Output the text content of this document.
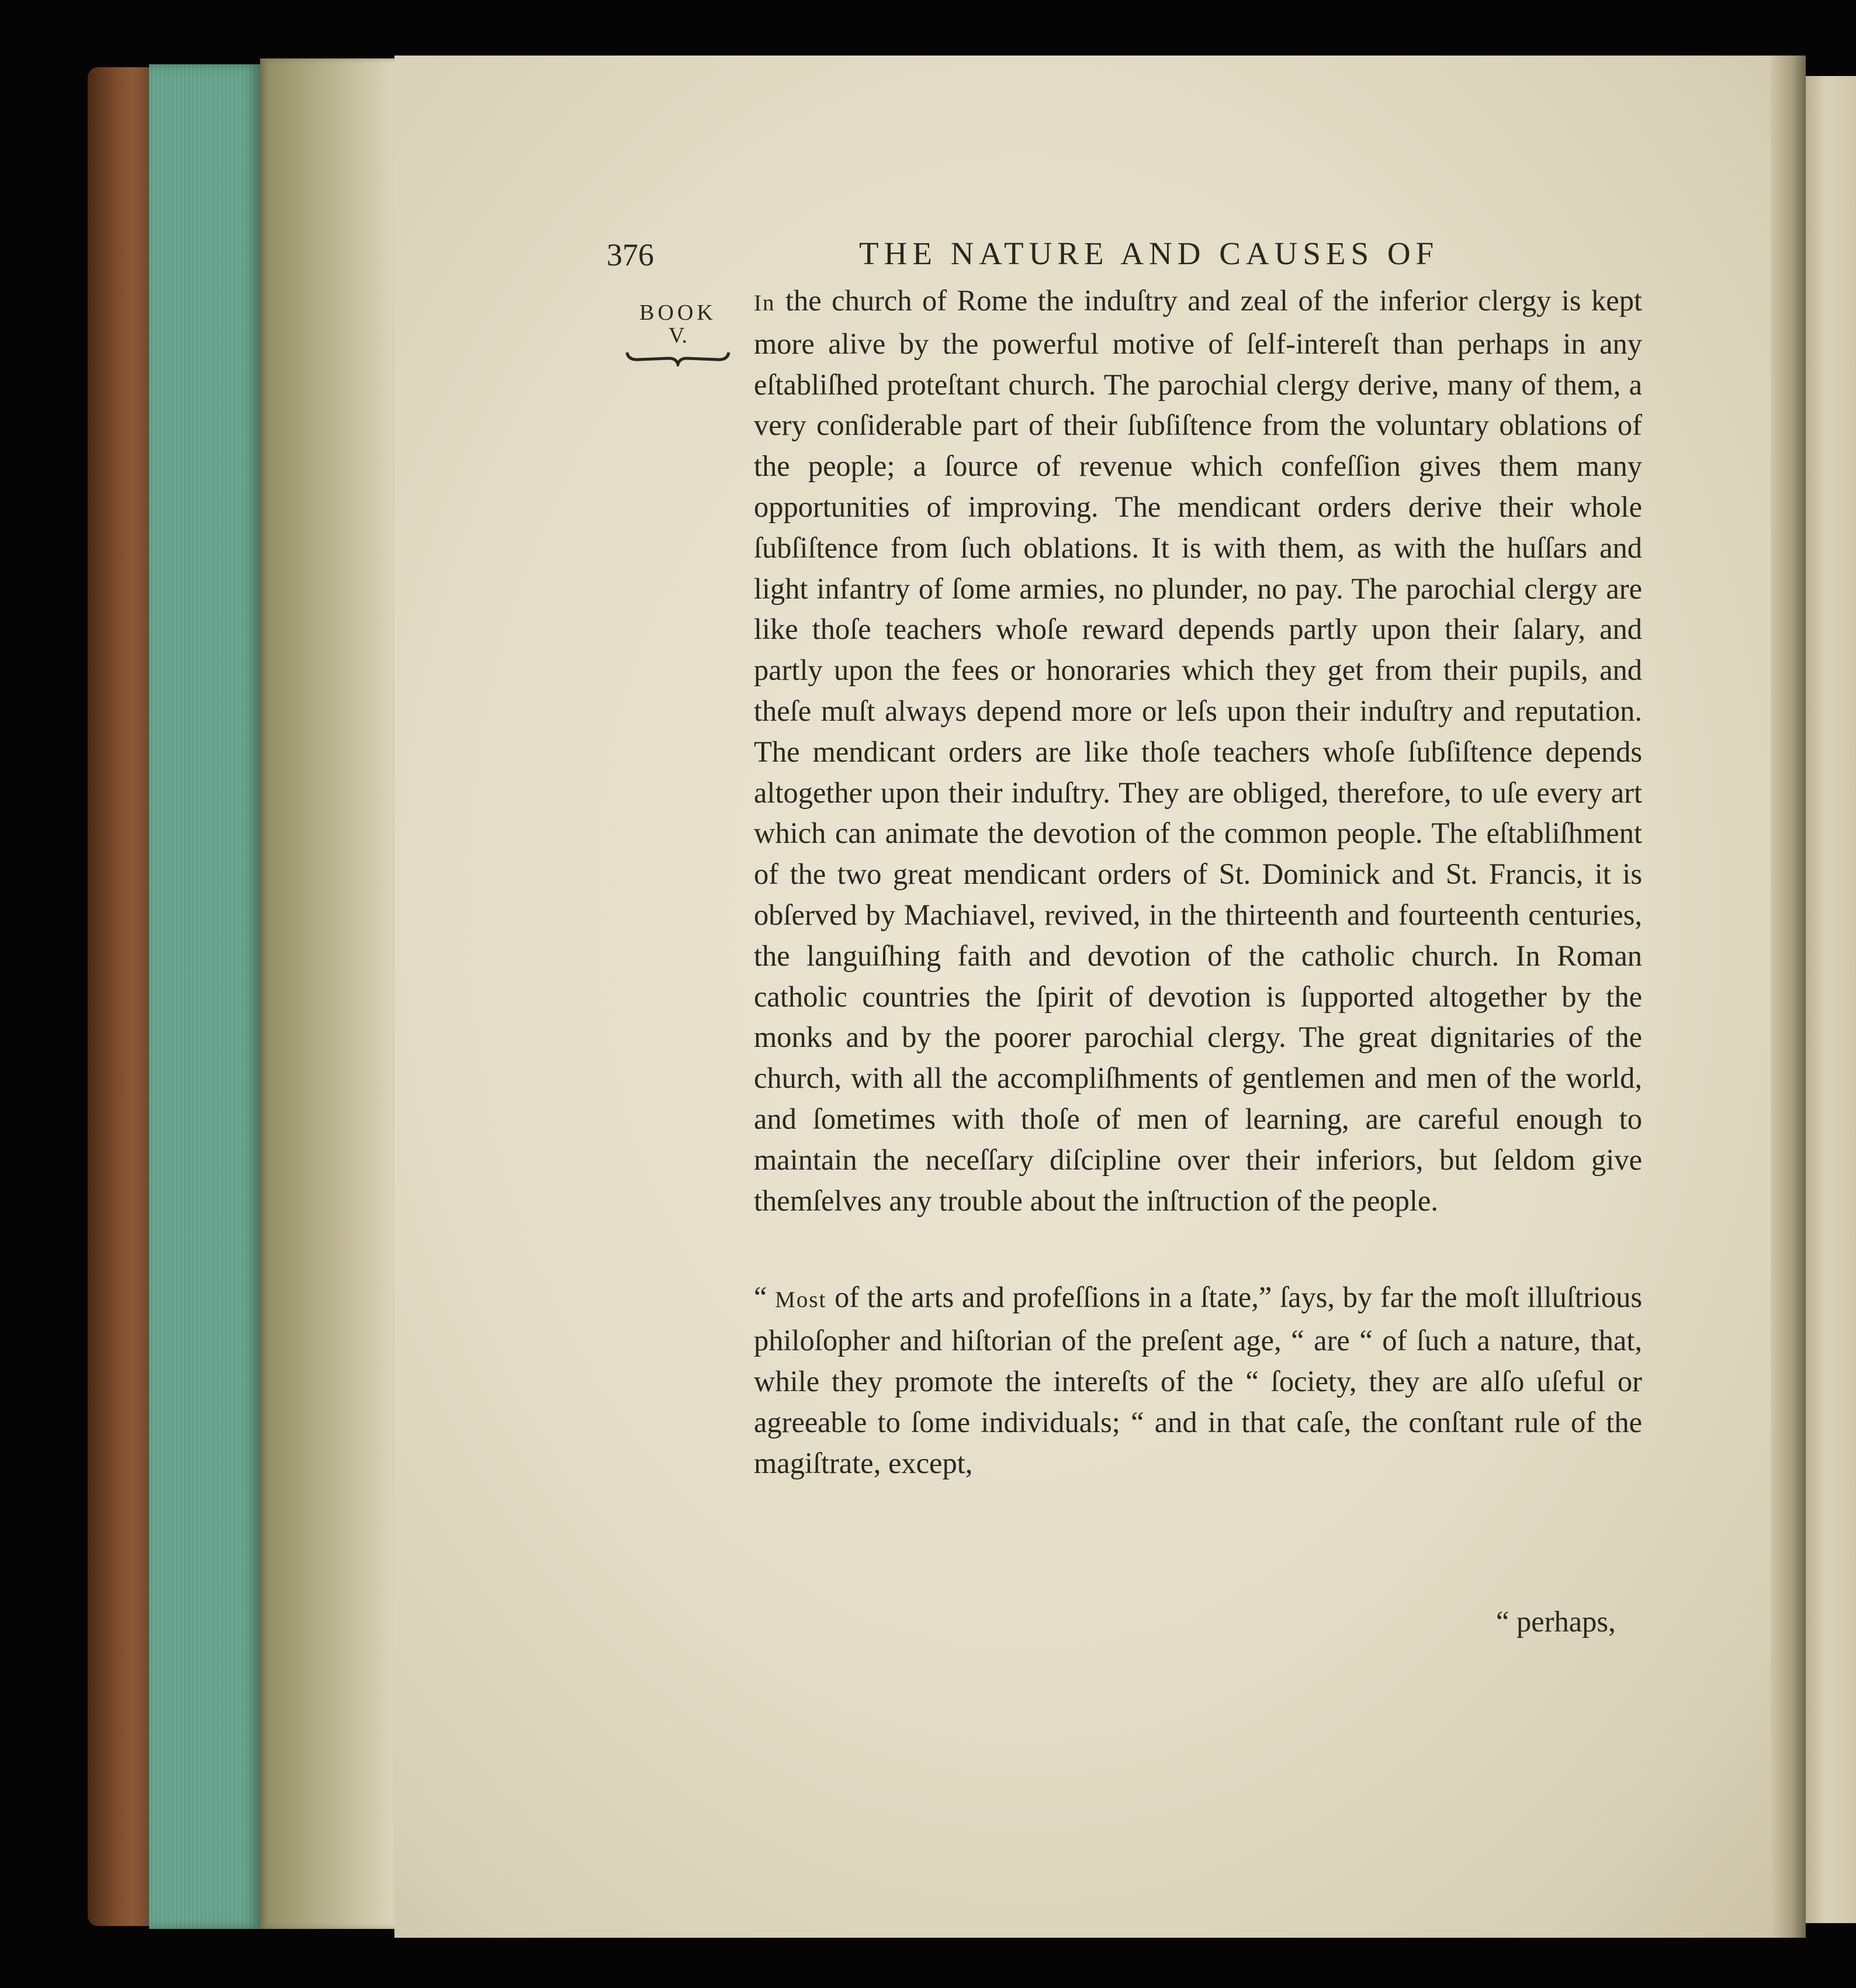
376	THE NATURE AND CAUSES OF
BOOK
V.

In the church of Rome the induſtry and zeal of the inferior clergy is kept more alive by the powerful motive of ſelf-intereſt than perhaps in any eſtabliſhed proteſtant church. The parochial clergy derive, many of them, a very conſiderable part of their ſubſiſtence from the voluntary oblations of the people; a ſource of revenue which confeſſion gives them many opportunities of improving. The mendicant orders derive their whole ſubſiſtence from ſuch oblations. It is with them, as with the huſſars and light infantry of ſome armies, no plunder, no pay. The parochial clergy are like thoſe teachers whoſe reward depends partly upon their ſalary, and partly upon the fees or honoraries which they get from their pupils, and theſe muſt always depend more or leſs upon their induſtry and reputation. The mendicant orders are like thoſe teachers whoſe ſubſiſtence depends altogether upon their induſtry. They are obliged, therefore, to uſe every art which can animate the devotion of the common people. The eſtabliſhment of the two great mendicant orders of St. Dominick and St. Francis, it is obſerved by Machiavel, revived, in the thirteenth and fourteenth centuries, the languiſhing faith and devotion of the catholic church. In Roman catholic countries the ſpirit of devotion is ſupported altogether by the monks and by the poorer parochial clergy. The great dignitaries of the church, with all the accompliſhments of gentlemen and men of the world, and ſometimes with thoſe of men of learning, are careful enough to maintain the neceſſary diſcipline over their inferiors, but ſeldom give themſelves any trouble about the inſtruction of the people.

“ Most of the arts and profeſſions in a ſtate,” ſays, by far the moſt illuſtrious philoſopher and hiſtorian of the preſent age, “ are “ of ſuch a nature, that, while they promote the intereſts of the “ ſociety, they are alſo uſeful or agreeable to ſome individuals; “ and in that caſe, the conſtant rule of the magiſtrate, except,

“ perhaps,
